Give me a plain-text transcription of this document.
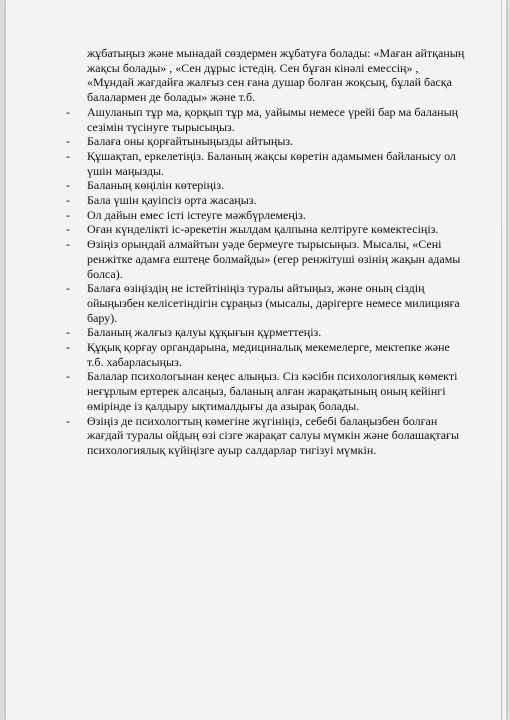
жұбатыңыз және мынадай сөздермен жұбатуға болады: «Маған айтқаның жақсы болады» , «Сен дұрыс істедің. Сен бұған кінәлі емессің» , «Мұндай жағдайға жалғыз сен ғана душар болған жоқсың, бұлай басқа балалармен де болады» және т.б.

- Ашуланып тұр ма, қорқып тұр ма, уайымы немесе үрейі бар ма баланың сезімін түсінуге тырысыңыз.
- Балаға оны қорғайтыныңызды айтыңыз.
- Құшақтап, еркелетіңіз. Баланың жақсы көретін адамымен байланысу ол үшін маңызды.
- Баланың көңілін көтеріңіз.
- Бала үшін қауіпсіз орта жасаңыз.
- Ол дайын емес істі істеуге мәжбүрлемеңіз.
- Оған күнделікті іс-әрекетін жылдам қалпына келтіруге көмектесіңіз.
- Өзіңіз орындай алмайтын уәде бермеуге тырысыңыз. Мысалы, «Сені ренжітке адамға ештеңе болмайды» (егер ренжітуші өзінің жақын адамы болса).
- Балаға өзіңіздің не істейтініңіз туралы айтыңыз, және оның сіздің ойыңызбен келісетіндігін сұраңыз (мысалы, дәрігерге немесе милицияға бару).
- Баланың жалғыз қалуы құқығын құрметтеңіз.
- Құқық қорғау органдарына, медициналық мекемелерге, мектепке және т.б. хабарласыңыз.
- Балалар психологынан кеңес алыңыз. Сіз кәсіби психологиялық көмекті неғұрлым ертерек алсаңыз, баланың алған жарақатының оның кейінгі өмірінде із қалдыру ықтималдығы да азырақ болады.
- Өзіңіз де психологтың көмегіне жүгініңіз, себебі балаңызбен болған жағдай туралы ойдың өзі сізге жарақат салуы мүмкін және болашақтағы психологиялық күйіңізге ауыр салдарлар тигізуі мүмкін.
